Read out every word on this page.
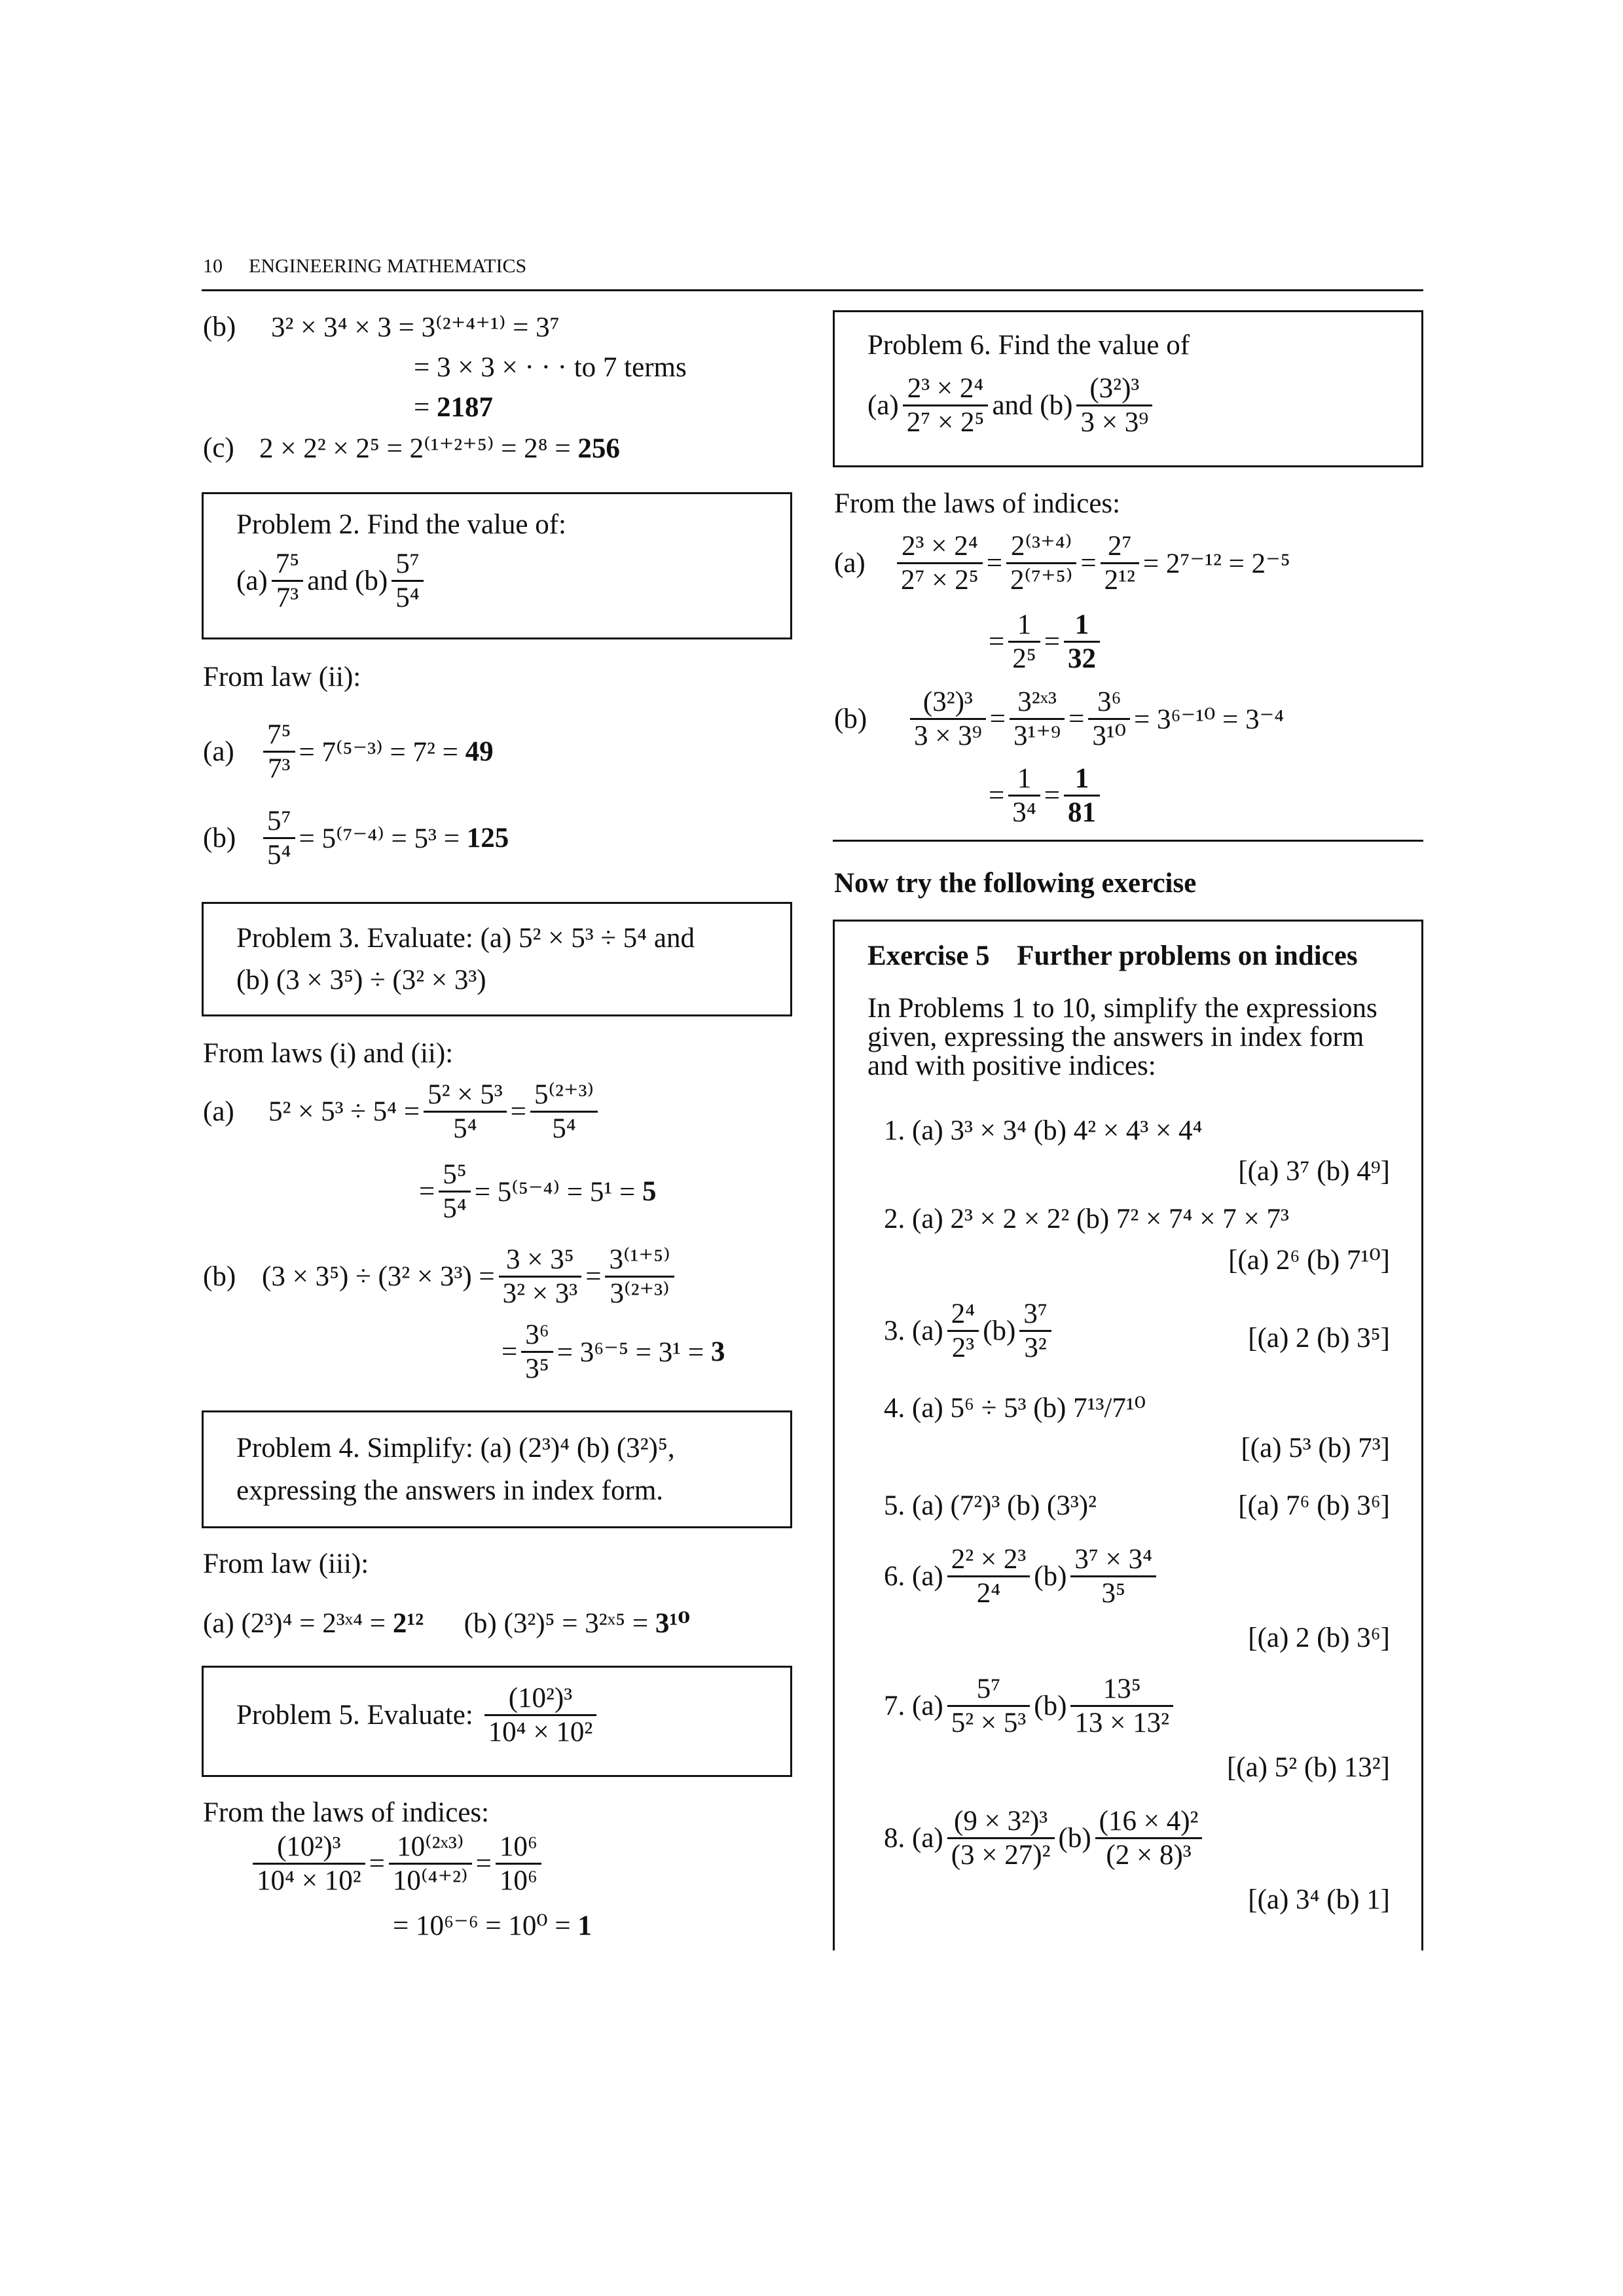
10 ENGINEERING MATHEMATICS
(b) 3² × 3⁴ × 3 = 3⁽²⁺⁴⁺¹⁾ = 3⁷
= 3 × 3 × · · · to 7 terms
= 2187
(c) 2 × 2² × 2⁵ = 2⁽¹⁺²⁺⁵⁾ = 2⁸ = 256
Problem 2. Find the value of:
$(a) \frac{\text{7⁵}}{\text{7³}}$ and $(b) \frac{\text{5⁷}}{\text{5⁴}}$
From law (ii):
(a)	$\frac{\text{7⁵}}{\text{7³}} = 7^{(5-3)} = 7^2$ =
49
$(b) \frac{\text{5⁷}}{\text{5⁴}} = 5^{(7-4)} = 5^3$ =
125
Problem 3. Evaluate: (a) 5² × 5³ ÷ 5⁴ and
(b) (3 × 3⁵) ÷ (3² × 3³)
From laws (i) and (ii):
(a)	$5^2 \times 5^3 \div 5^4 = \frac{\text{5² × 5³}}{\text{5⁴}} = \frac{\text{5⁽²⁺³⁾}}{\text{5⁴}}$
= $\frac{\text{5⁵}}{\text{5⁴}} = 5^{(5-4)} = 5^1$ =
5
(b) $(3 \times 3^5) \div (3^2 \times 3^3) = \frac{\text{3 × 3⁵}}{\text{3² × 3³}} = \frac{\text{3⁽¹⁺⁵⁾}}{\text{3⁽²⁺³⁾}}$
= $\frac{\text{3⁶}}{\text{3⁵}} = 3^{6-5} = 3^1$ =
3
Problem 4. Simplify: (a) (2³)⁴ (b) (3²)⁵,
expressing the answers in index form.
From law (iii):
(a) (2³)⁴ = 2³ˣ⁴ = 2¹² (b) (3²)⁵ = 3²ˣ⁵ = 3¹⁰
Problem 5. Evaluate:
$\frac{\text{(10²)³}}{\text{10⁴ × 10²}}$
From the laws of indices:
$\frac{\text{(10²)³}}{\text{10⁴ × 10²}} = \frac{\text{10⁽²ˣ³⁾}}{\text{10⁽⁴⁺²⁾}} = \frac{\text{10⁶}}{\text{10⁶}}$
= 10⁶⁻⁶ = 10⁰ = 1
Problem 6. Find the value of
$(a) \frac{\text{2³ × 2⁴}}{\text{2⁷ × 2⁵}}$ and $(b) \frac{\text{(3²)³}}{\text{3 × 3⁹}}$
From the laws of indices:
(a)	$\frac{\text{2³ × 2⁴}}{\text{2⁷ × 2⁵}} = \frac{\text{2⁽³⁺⁴⁾}}{\text{2⁽⁷⁺⁵⁾}} = \frac{\text{2⁷}}{\text{2¹²}} = 2^{7-12} = 2^{-5}$
= $\frac{1}{\text{2⁵}} = \frac{1}{32}$
(b)	$\frac{\text{(3²)³}}{\text{3 × 3⁹}} = \frac{\text{3²ˣ³}}{\text{3¹⁺⁹}} = \frac{\text{3⁶}}{\text{3¹⁰}} = 3^{6-10} = 3^{-4}$
= $\frac{1}{\text{3⁴}} = \frac{1}{81}$
Now try the following exercise
Exercise 5 Further problems on indices
In Problems 1 to 10, simplify the expressions
given, expressing the answers in index form
and with positive indices:
1. (a) 3³ × 3⁴ (b) 4² × 4³ × 4⁴
[(a) 3⁷ (b) 4⁹]
2. (a) 2³ × 2 × 2² (b) 7² × 7⁴ × 7 × 7³
[(a) 2⁶ (b) 7¹⁰]
3. $(a) \frac{\text{2⁴}}{\text{2³}} (b) \frac{\text{3⁷}}{\text{3²}}$	[(a) 2 (b) 3⁵]
4. (a) 5⁶ ÷ 5³ (b) 7¹³/7¹⁰
[(a) 5³ (b) 7³]
5. (a) (7²)³ (b) (3³)²	[(a) 7⁶ (b) 3⁶]
6. $(a) \frac{\text{2² × 2³}}{\text{2⁴}} (b) \frac{\text{3⁷ × 3⁴}}{\text{3⁵}}$
[(a) 2 (b) 3⁶]
7. $(a) \frac{\text{5⁷}}{\text{5² × 5³}} (b) \frac{\text{13⁵}}{\text{13 × 13²}}$
[(a) 5² (b) 13²]
8. $(a) \frac{\text{(9 × 3²)³}}{\text{(3 × 27)²}} (b) \frac{\text{(16 × 4)²}}{\text{(2 × 8)³}}$
[(a) 3⁴ (b) 1]
